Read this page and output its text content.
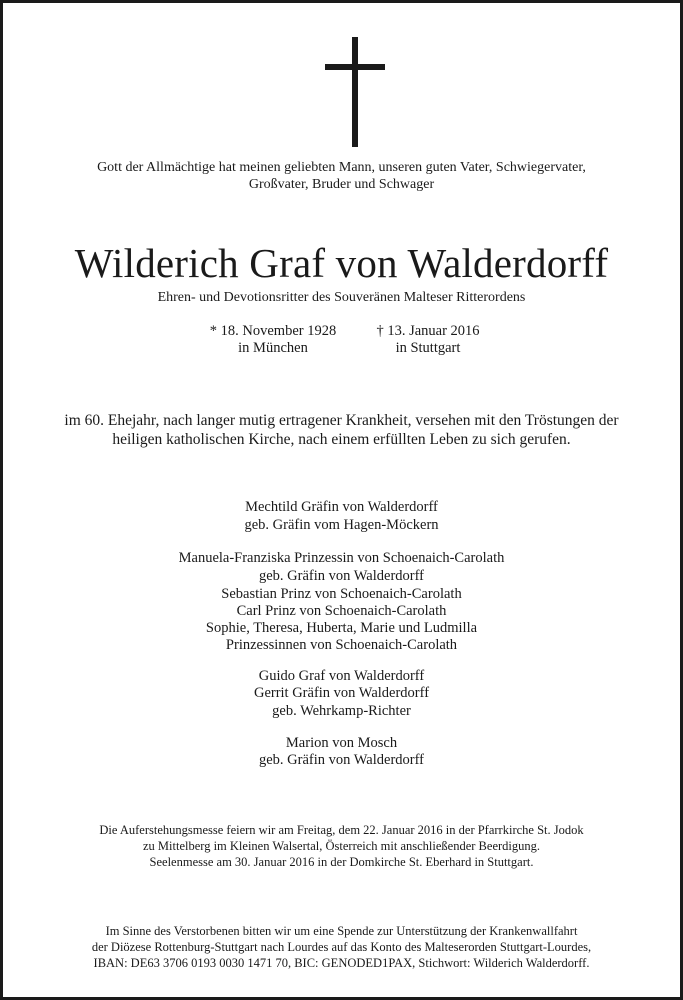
Gott der Allmächtige hat meinen geliebten Mann, unseren guten Vater, Schwiegervater,
Großvater, Bruder und Schwager
Wilderich Graf von Walderdorff
Ehren- und Devotionsritter des Souveränen Malteser Ritterordens
* 18. November 1928
in München
† 13. Januar 2016
in Stuttgart
im 60. Ehejahr, nach langer mutig ertragener Krankheit, versehen mit den Tröstungen der
heiligen katholischen Kirche, nach einem erfüllten Leben zu sich gerufen.
Mechtild Gräfin von Walderdorff
geb. Gräfin vom Hagen-Möckern
Manuela-Franziska Prinzessin von Schoenaich-Carolath
geb. Gräfin von Walderdorff
Sebastian Prinz von Schoenaich-Carolath
Carl Prinz von Schoenaich-Carolath
Sophie, Theresa, Huberta, Marie und Ludmilla
Prinzessinnen von Schoenaich-Carolath
Guido Graf von Walderdorff
Gerrit Gräfin von Walderdorff
geb. Wehrkamp-Richter
Marion von Mosch
geb. Gräfin von Walderdorff
Die Auferstehungsmesse feiern wir am Freitag, dem 22. Januar 2016 in der Pfarrkirche St. Jodok
zu Mittelberg im Kleinen Walsertal, Österreich mit anschließender Beerdigung.
Seelenmesse am 30. Januar 2016 in der Domkirche St. Eberhard in Stuttgart.
Im Sinne des Verstorbenen bitten wir um eine Spende zur Unterstützung der Krankenwallfahrt
der Diözese Rottenburg-Stuttgart nach Lourdes auf das Konto des Malteserorden Stuttgart-Lourdes,
IBAN: DE63 3706 0193 0030 1471 70, BIC: GENODED1PAX, Stichwort: Wilderich Walderdorff.
